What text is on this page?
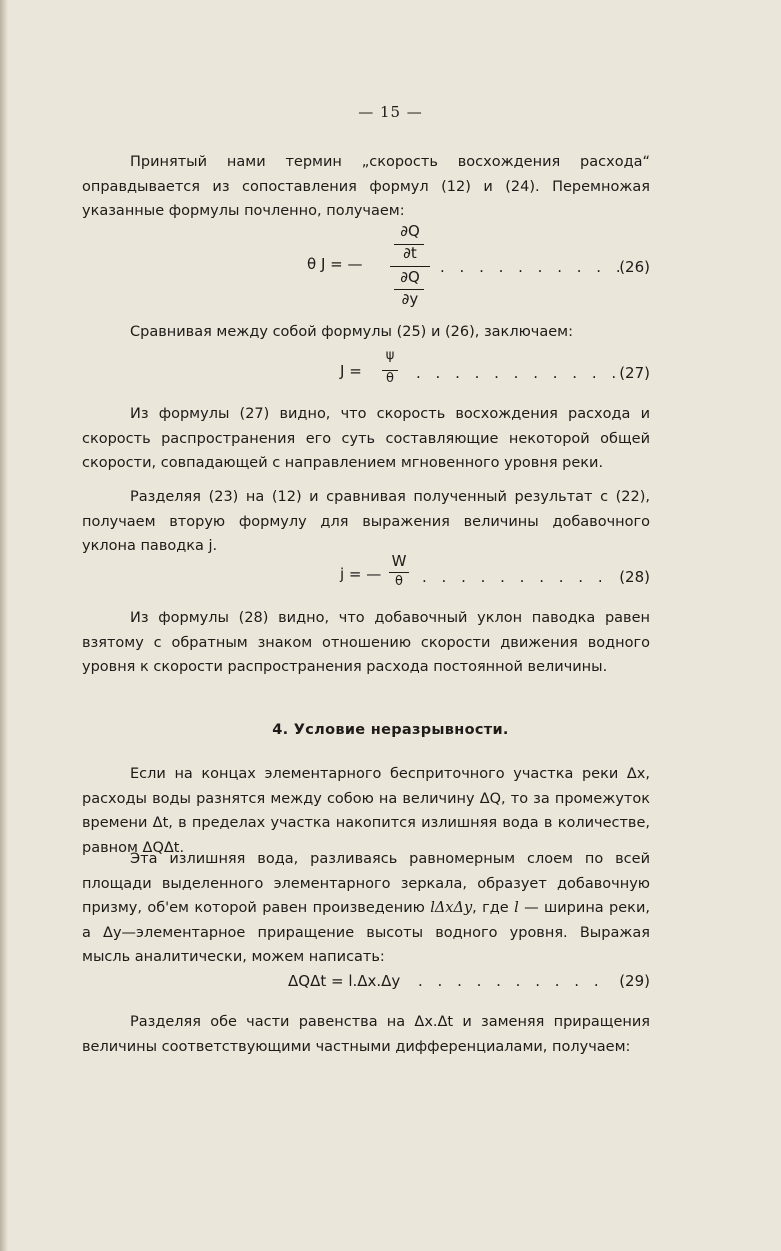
— 15 —

Принятый нами термин „скорость восхождения расхода“ оправдывается из сопоставления формул (12) и (24). Перемножая указанные формулы почленно, получаем:

θ J = —
∂Q
∂t
∂Q
∂y
. . . . . . . . . .
(26)

Сравнивая между собой формулы (25) и (26), заключаем:

J =
ψ
θ	. . . . . . . . . . .
(27)

Из формулы (27) видно, что скорость восхождения расхода и скорость распространения его суть составляющие некоторой общей скорости, совпадающей с направлением мгновенного уровня реки.

Разделяя (23) на (12) и сравнивая полученный результат с (22), получаем вторую формулу для выражения величины добавочного уклона паводка j.

j = —
W
θ	. . . . . . . . . . (28)

Из формулы (28) видно, что добавочный уклон паводка равен взятому с обратным знаком отношению скорости движения водного уровня к скорости распространения расхода постоянной величины.

4. Условие неразрывности.

Если на концах элементарного бесприточного участка реки Δx, расходы воды разнятся между собою на величину ΔQ, то за промежуток времени Δt, в пределах участка накопится излишняя вода в количестве, равном ΔQΔt.

Эта излишняя вода, разливаясь равномерным слоем по всей площади выделенного элементарного зеркала, образует добавочную призму, об'ем которой равен произведению lΔxΔy, где l — ширина реки, а Δy—элементарное приращение высоты водного уровня. Выражая мысль аналитически, можем написать:

ΔQΔt = l.Δx.Δy . . . . . . . . . . (29)

Разделяя обе части равенства на Δx.Δt и заменяя приращения величины соответствующими частными дифференциалами, получаем:
